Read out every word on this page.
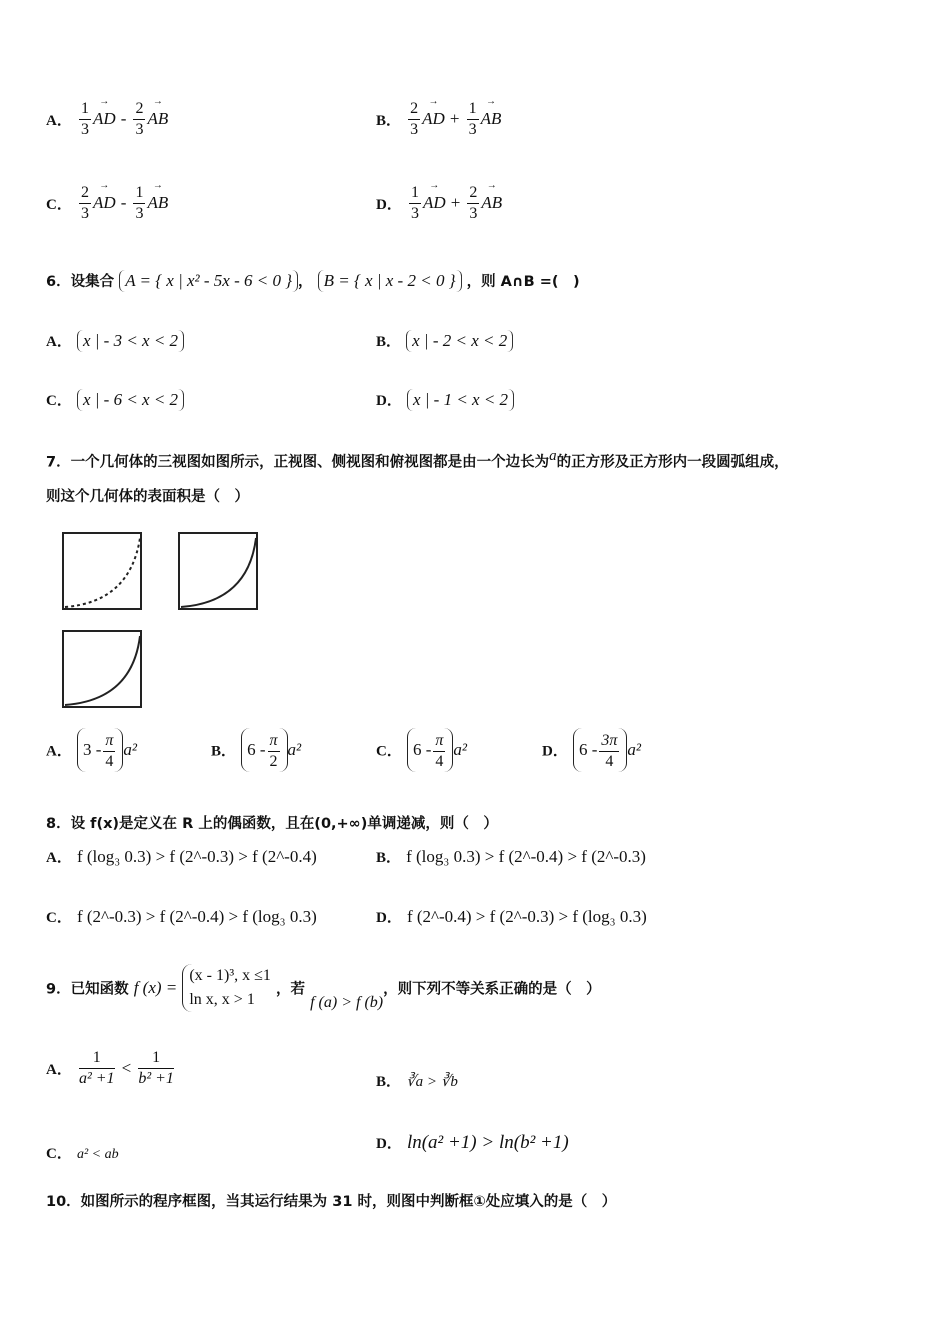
A． $\frac{1}{3}$ → AD - $\frac{2}{3}$ → AB	B． $\frac{2}{3}$ → AD + $\frac{1}{3}$ → AB
C． $\frac{2}{3}$ → AD - $\frac{1}{3}$ → AB	D． $\frac{1}{3}$ → AD + $\frac{2}{3}$ → AB
6．设集合 A = { x | x² - 5x - 6 < 0 } ， B = { x | x - 2 < 0 } ，则 A∩B =(　)
A． x | - 3 < x < 2	B． x | - 2 < x < 2
C． x | - 6 < x < 2	D． x | - 1 < x < 2
7．一个几何体的三视图如图所示，正视图、侧视图和俯视图都是由一个边长为a的正方形及正方形内一段圆弧组成，
则这个几何体的表面积是（　）
A． $3 - \frac{\pi}{4} a^2$	B． $6 - \frac{\pi}{2} a^2$	C． $6 - \frac{\pi}{4} a^2$	D． $6 - \frac{3\pi}{4} a^2$
8．设 f(x)是定义在 R 上的偶函数，且在(0,+∞)单调递减，则（　）
A． f (log₃ 0.3) > f (2^-0.3) > f (2^-0.4)	B． f (log₃ 0.3) > f (2^-0.4) > f (2^-0.3)
C． f (2^-0.3) > f (2^-0.4) > f (log₃ 0.3)	D． f (2^-0.4) > f (2^-0.3) > f (log₃ 0.3)
9．已知函数 f (x) =
(x - 1)³, x ≤1
ln x, x > 1
，若 f (a) > f (b)，则下列不等关系正确的是（　）
A． $\frac{1}{\text{a² +1}} < \frac{1}{\text{b² +1}}$	B． ∛a > ∛b
C． a² < ab
D． ln(a² +1) > ln(b² +1)
10．如图所示的程序框图，当其运行结果为 31 时，则图中判断框①处应填入的是（　）
